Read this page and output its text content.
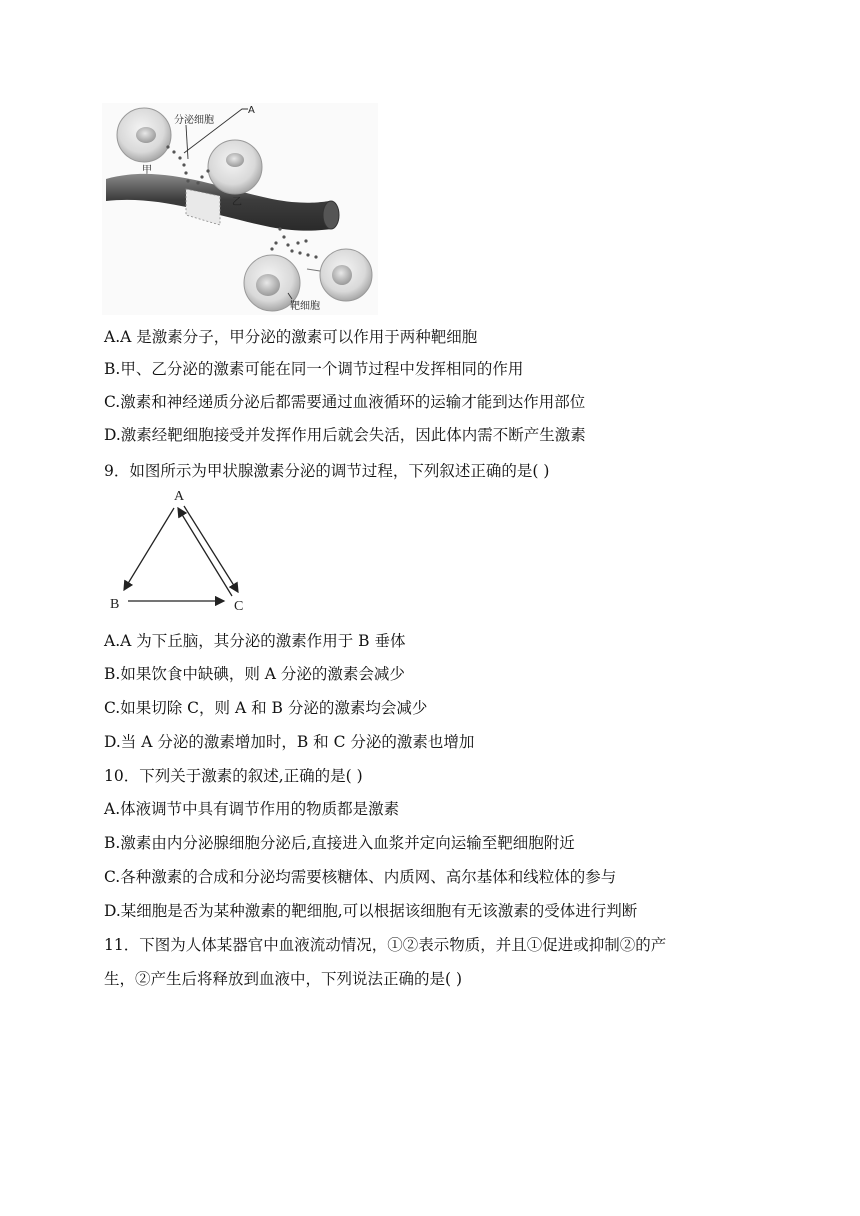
分泌细胞
A
甲
乙
靶细胞
A.A 是激素分子，甲分泌的激素可以作用于两种靶细胞
B.甲、乙分泌的激素可能在同一个调节过程中发挥相同的作用
C.激素和神经递质分泌后都需要通过血液循环的运输才能到达作用部位
D.激素经靶细胞接受并发挥作用后就会失活，因此体内需不断产生激素
9．如图所示为甲状腺激素分泌的调节过程，下列叙述正确的是( )
A
B	C
A.A 为下丘脑，其分泌的激素作用于 B 垂体
B.如果饮食中缺碘，则 A 分泌的激素会减少
C.如果切除 C，则 A 和 B 分泌的激素均会减少
D.当 A 分泌的激素增加时，B 和 C 分泌的激素也增加
10．下列关于激素的叙述,正确的是( )
A.体液调节中具有调节作用的物质都是激素
B.激素由内分泌腺细胞分泌后,直接进入血浆并定向运输至靶细胞附近
C.各种激素的合成和分泌均需要核糖体、内质网、高尔基体和线粒体的参与
D.某细胞是否为某种激素的靶细胞,可以根据该细胞有无该激素的受体进行判断
11．下图为人体某器官中血液流动情况，①②表示物质，并且①促进或抑制②的产
生，②产生后将释放到血液中，下列说法正确的是( )
